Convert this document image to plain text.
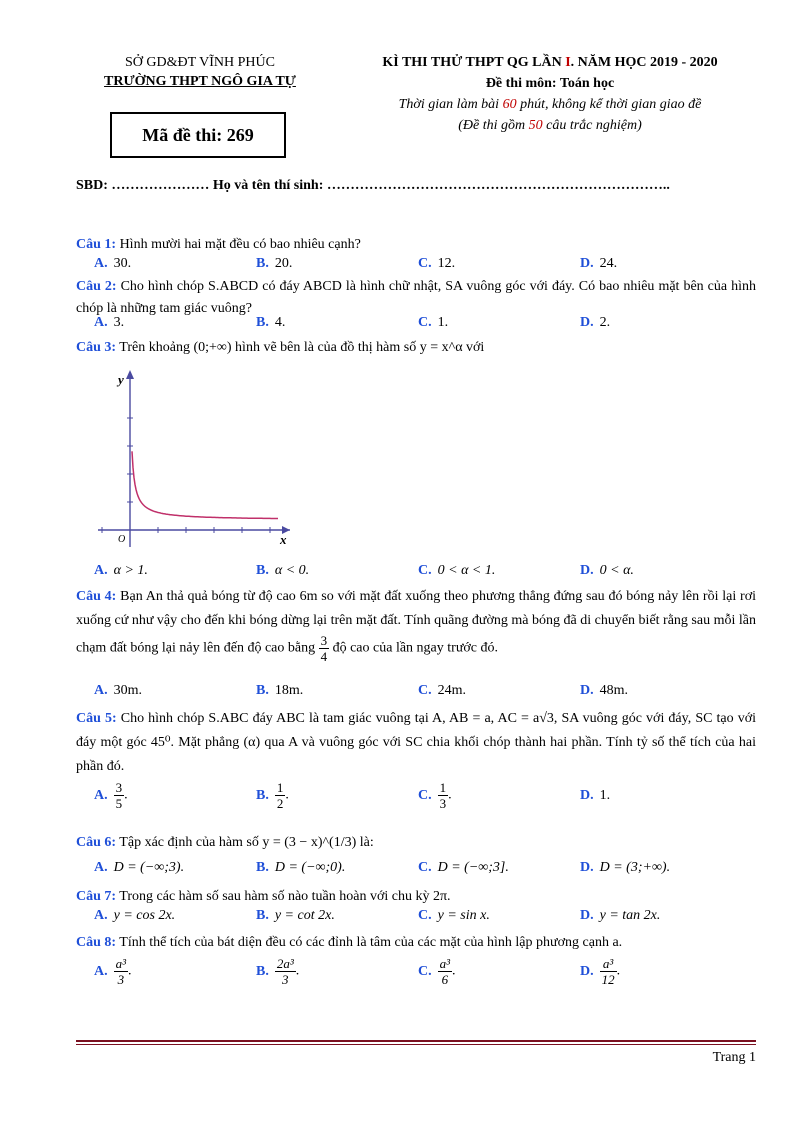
SỞ GD&ĐT VĨNH PHÚC
TRƯỜNG THPT NGÔ GIA TỰ
Mã đề thi: 269
KÌ THI THỬ THPT QG LẦN I. NĂM HỌC 2019 - 2020
Đề thi môn: Toán học
Thời gian làm bài 60 phút, không kể thời gian giao đề
(Đề thi gồm 50 câu trắc nghiệm)
SBD: ………………… Họ và tên thí sinh: ………………………………………………………………..
Câu 1: Hình mười hai mặt đều có bao nhiêu cạnh?
A. 30.	B. 20.	C. 12.	D. 24.
Câu 2: Cho hình chóp S.ABCD có đáy ABCD là hình chữ nhật, SA vuông góc với đáy. Có bao nhiêu mặt bên của hình chóp là những tam giác vuông?
A. 3.	B. 4.	C. 1.	D. 2.
Câu 3: Trên khoảng (0;+∞) hình vẽ bên là của đồ thị hàm số y = x^α với
y
x
O
A. α > 1.	B. α < 0.	C. 0 < α < 1.	D. 0 < α.
Câu 4: Bạn An thả quả bóng từ độ cao 6m so với mặt đất xuống theo phương thẳng đứng sau đó bóng nảy lên rồi lại rơi xuống cứ như vậy cho đến khi bóng dừng lại trên mặt đất. Tính quãng đường mà bóng đã di chuyển biết rằng sau mỗi lần chạm đất bóng lại nảy lên đến độ cao bằng $\frac{3}{4}$ độ cao của lần ngay trước đó.
A. 30m.	B. 18m.	C. 24m.	D. 48m.
Câu 5: Cho hình chóp S.ABC đáy ABC là tam giác vuông tại A, AB = a, AC = a√3, SA vuông góc với đáy, SC tạo với đáy một góc 45⁰. Mặt phẳng (α) qua A và vuông góc với SC chia khối chóp thành hai phần. Tính tỷ số thể tích của hai phần đó.
A. $\frac{3}{5}$ .	B. $\frac{1}{2}$ .	C. $\frac{1}{3}$ .	D. 1.
Câu 6: Tập xác định của hàm số y = (3 − x)^(1/3) là:
A. D = (−∞;3).	B. D = (−∞;0).	C. D = (−∞;3].	D. D = (3;+∞).
Câu 7: Trong các hàm số sau hàm số nào tuần hoàn với chu kỳ 2π.
A. y = cos 2x.	B. y = cot 2x.	C. y = sin x.	D. y = tan 2x.
Câu 8: Tính thể tích của bát diện đều có các đỉnh là tâm của các mặt của hình lập phương cạnh a.
A. $\frac{\text{a³}}{3}$ .	B. $\frac{\text{2a³}}{3}$ .	C. $\frac{\text{a³}}{6}$ .	D. $\frac{\text{a³}}{12}$ .
Trang 1
